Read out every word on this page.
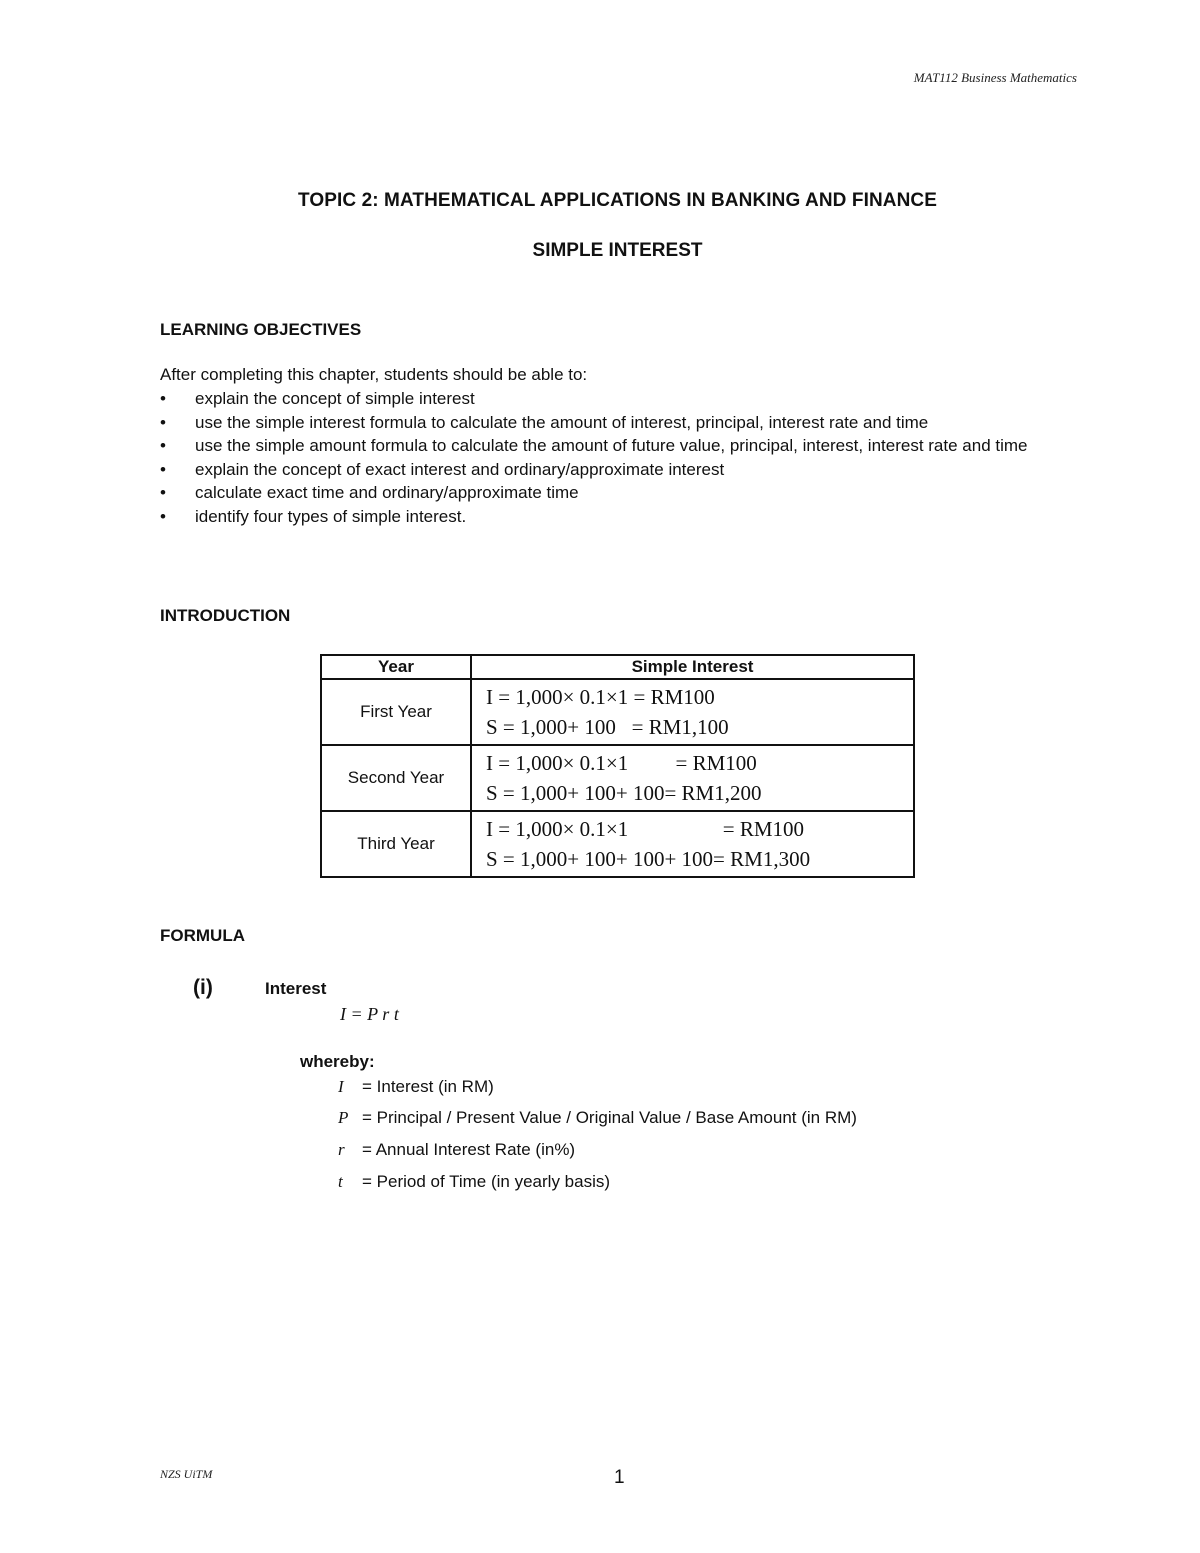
MAT112 Business Mathematics
TOPIC 2: MATHEMATICAL APPLICATIONS IN BANKING AND FINANCE
SIMPLE INTEREST
LEARNING OBJECTIVES
After completing this chapter, students should be able to:
• explain the concept of simple interest
• use the simple interest formula to calculate the amount of interest, principal, interest rate and time
• use the simple amount formula to calculate the amount of future value, principal, interest, interest rate and time
• explain the concept of exact interest and ordinary/approximate interest
• calculate exact time and ordinary/approximate time
• identify four types of simple interest.
INTRODUCTION
Year	Simple Interest
First Year	I = 1,000× 0.1×1 = RM100
S = 1,000+ 100   = RM1,100

Second Year	I = 1,000× 0.1×1         = RM100
S = 1,000+ 100+ 100= RM1,200

Third Year	I = 1,000× 0.1×1                  = RM100
S = 1,000+ 100+ 100+ 100= RM1,300
FORMULA
(i)	Interest
I = P r t
whereby:
I = Interest (in RM)
P = Principal / Present Value / Original Value / Base Amount (in RM)
r = Annual Interest Rate (in%)
t = Period of Time (in yearly basis)
NZS UiTM	1
